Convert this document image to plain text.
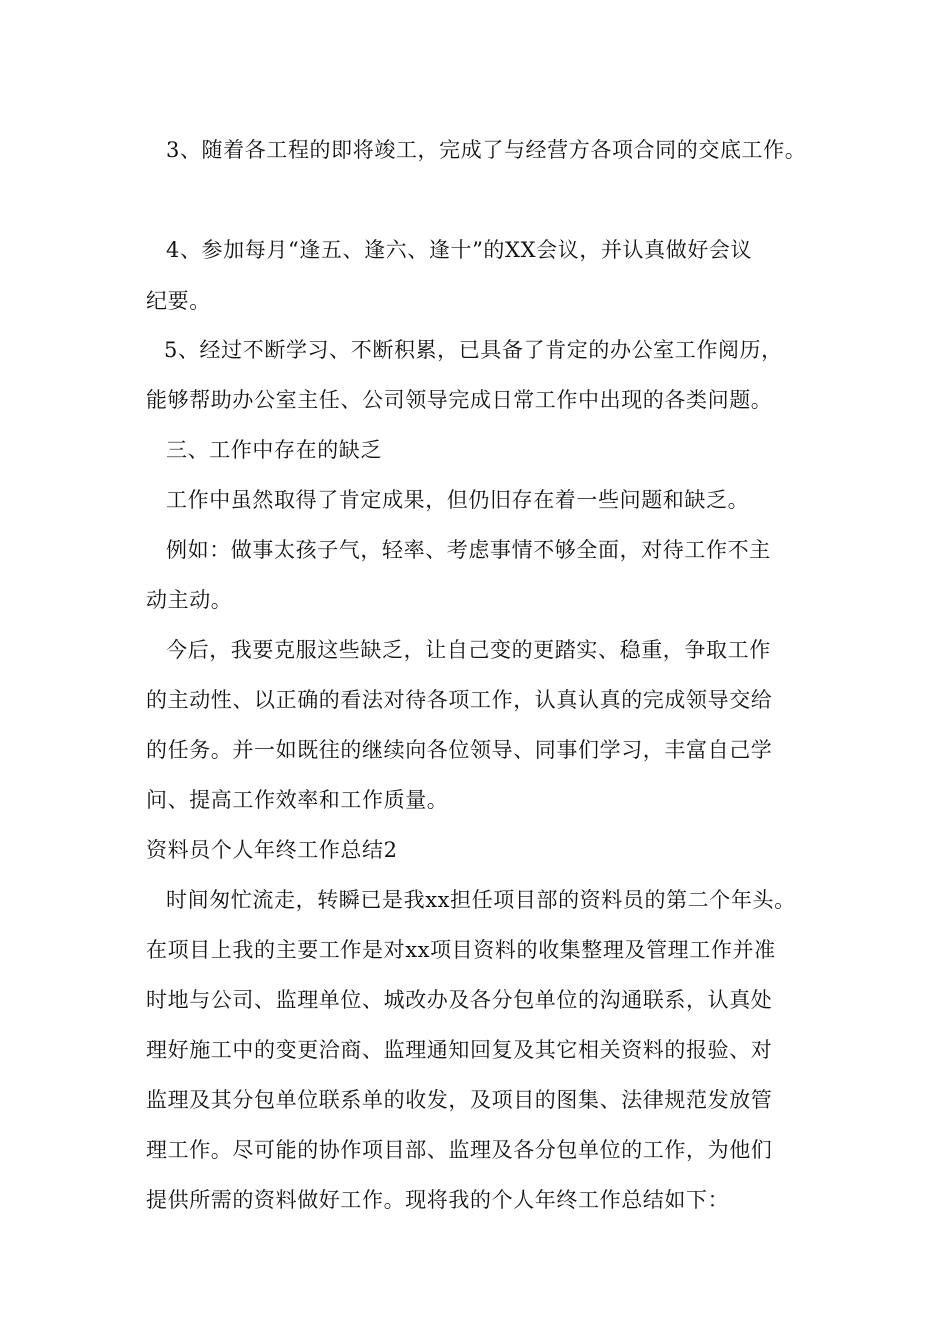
3、随着各工程的即将竣工，完成了与经营方各项合同的交底工作。
4、参加每月“逢五、逢六、逢十”的XX会议，并认真做好会议
纪要。
5、经过不断学习、不断积累，已具备了肯定的办公室工作阅历，
能够帮助办公室主任、公司领导完成日常工作中出现的各类问题。
三、工作中存在的缺乏
工作中虽然取得了肯定成果，但仍旧存在着一些问题和缺乏。
例如：做事太孩子气，轻率、考虑事情不够全面，对待工作不主
动主动。
今后，我要克服这些缺乏，让自己变的更踏实、稳重，争取工作
的主动性、以正确的看法对待各项工作，认真认真的完成领导交给
的任务。并一如既往的继续向各位领导、同事们学习，丰富自己学
问、提高工作效率和工作质量。
资料员个人年终工作总结2
时间匆忙流走，转瞬已是我xx担任项目部的资料员的第二个年头。
在项目上我的主要工作是对xx项目资料的收集整理及管理工作并准
时地与公司、监理单位、城改办及各分包单位的沟通联系，认真处
理好施工中的变更洽商、监理通知回复及其它相关资料的报验、对
监理及其分包单位联系单的收发，及项目的图集、法律规范发放管
理工作。尽可能的协作项目部、监理及各分包单位的工作，为他们
提供所需的资料做好工作。现将我的个人年终工作总结如下：
